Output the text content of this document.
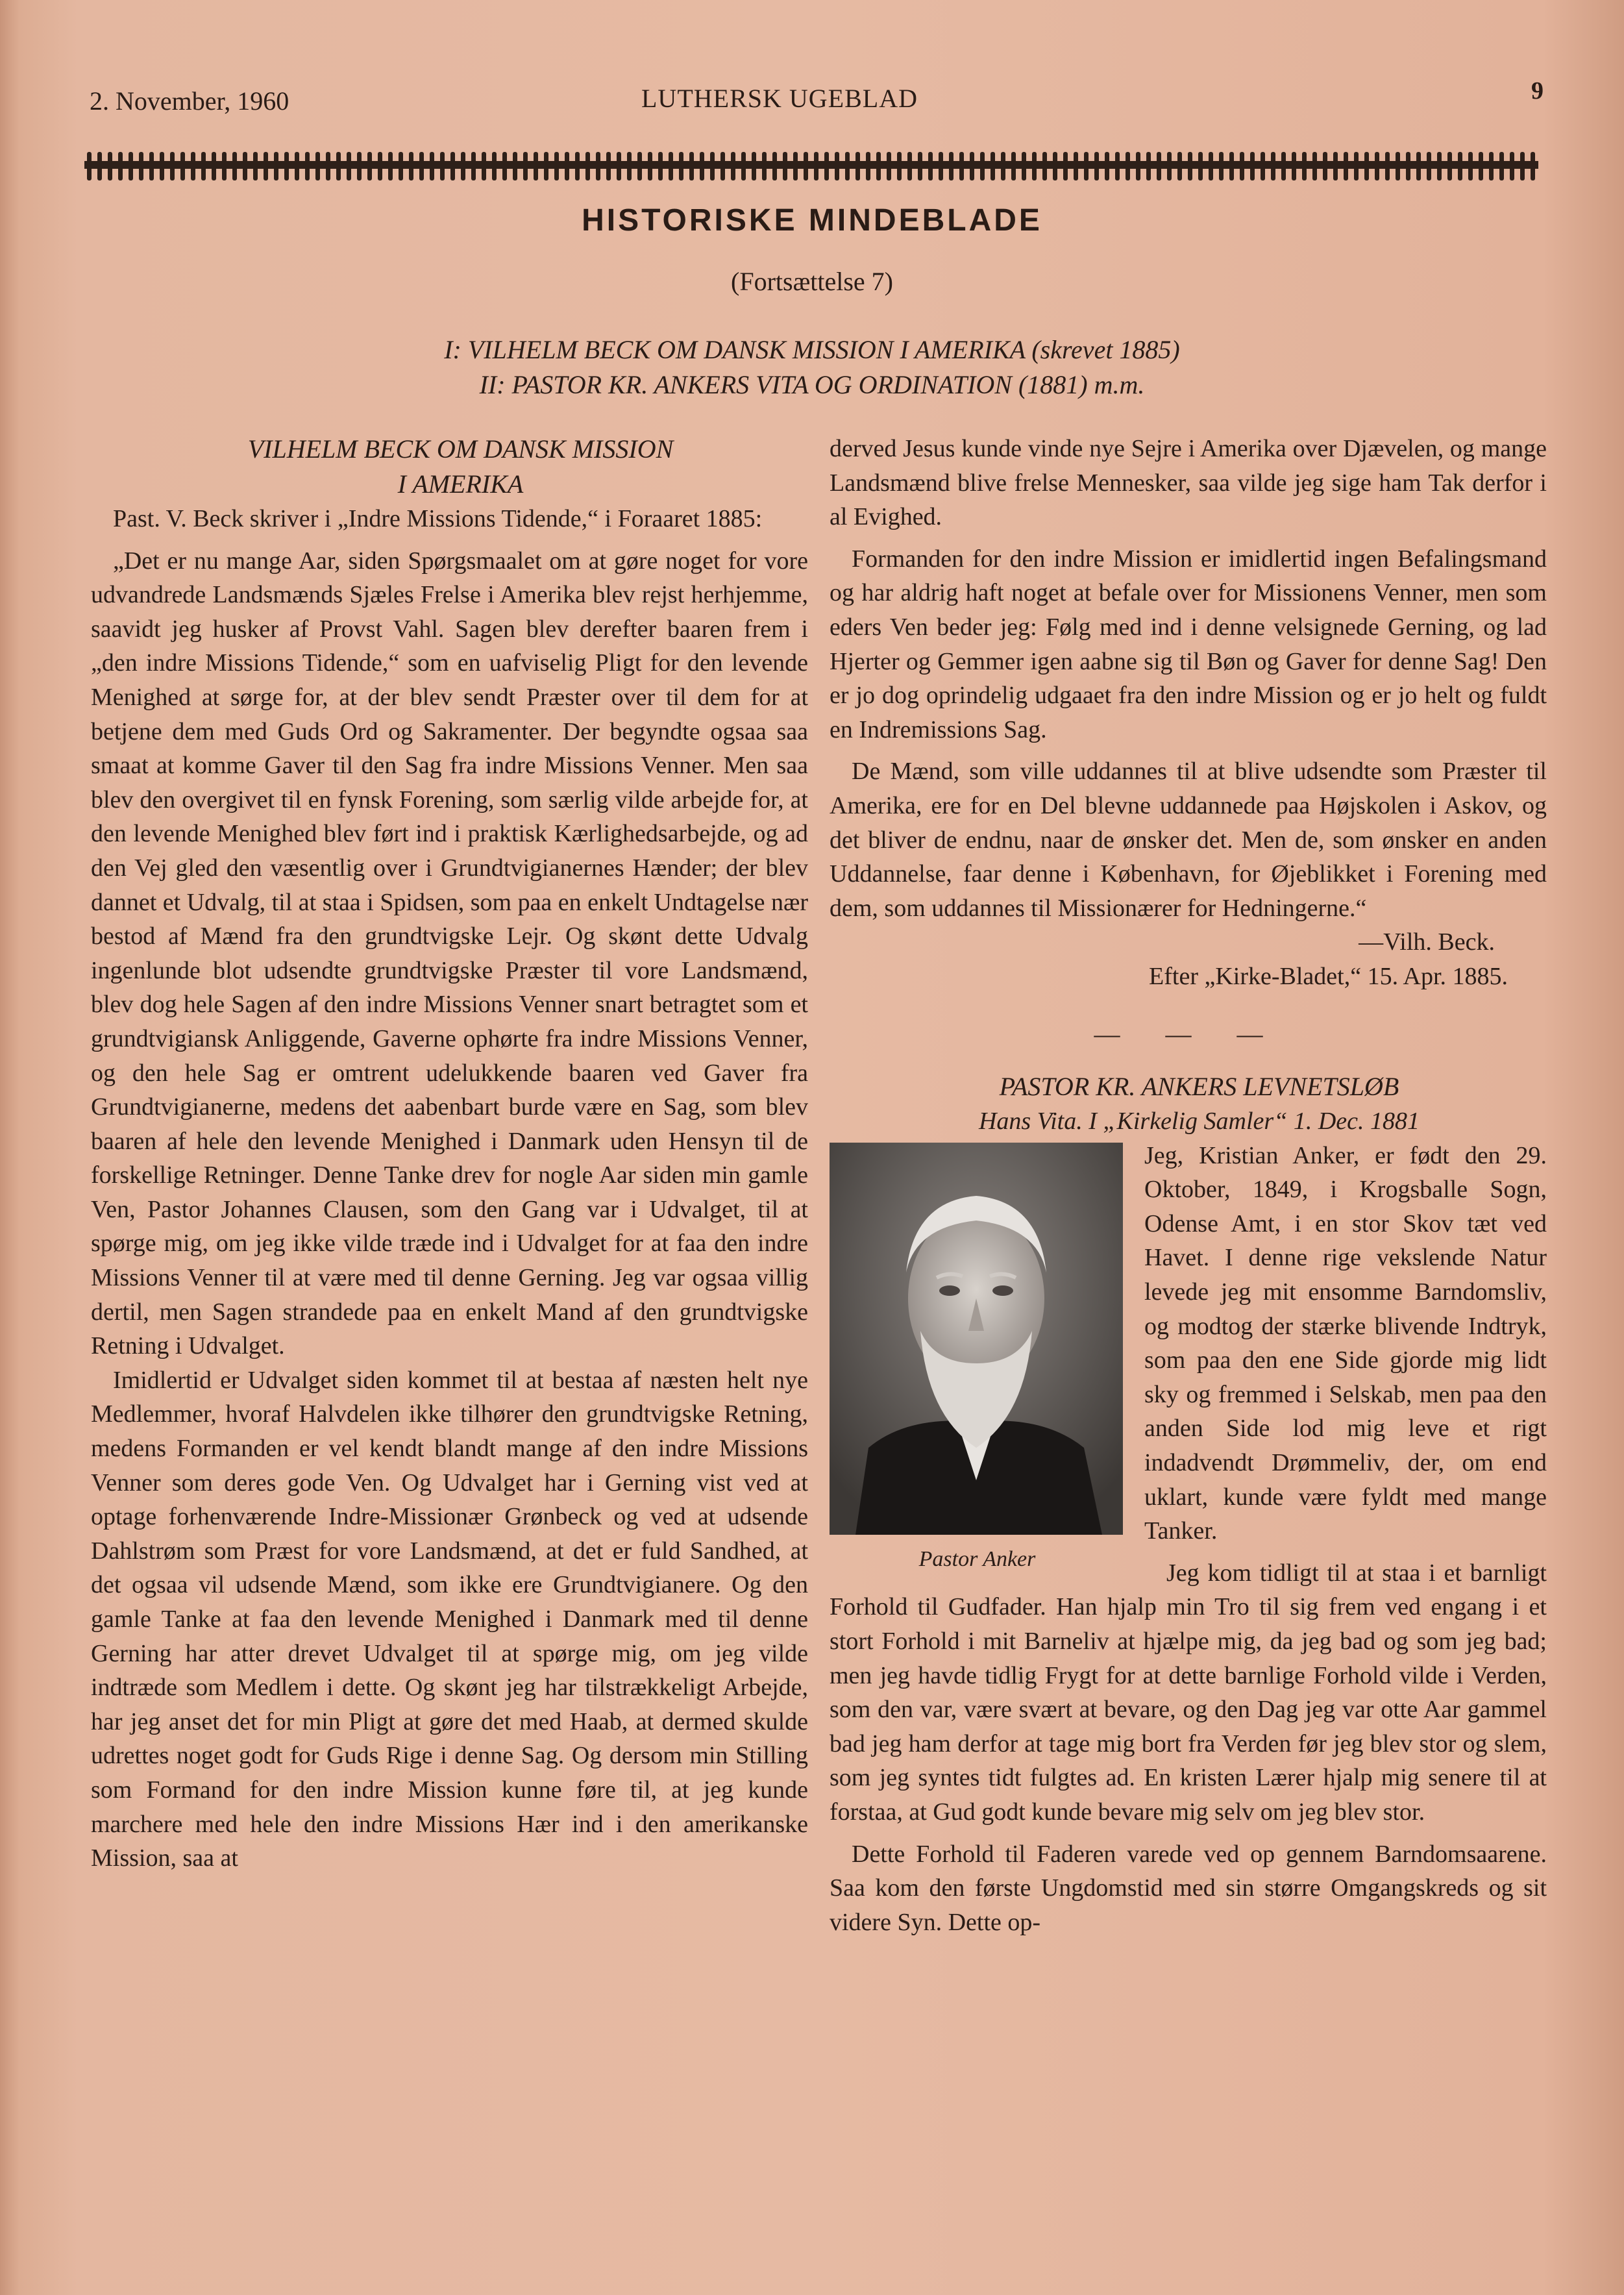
2. November, 1960	LUTHERSK UGEBLAD	9
HISTORISKE MINDEBLADE
(Fortsættelse 7)
I: VILHELM BECK OM DANSK MISSION I AMERIKA (skrevet 1885)
II: PASTOR KR. ANKERS VITA OG ORDINATION (1881) m.m.

VILHELM BECK OM DANSK MISSION

I AMERIKA

Past. V. Beck skriver i „Indre Missions Tidende,“ i Foraaret 1885:

„Det er nu mange Aar, siden Spørgsmaalet om at gøre noget for vore udvandrede Landsmænds Sjæles Frelse i Amerika blev rejst herhjemme, saavidt jeg husker af Provst Vahl. Sagen blev derefter baaren frem i „den indre Missions Tidende,“ som en uafviselig Pligt for den levende Menighed at sørge for, at der blev sendt Præster over til dem for at betjene dem med Guds Ord og Sakramenter. Der begyndte ogsaa saa smaat at komme Gaver til den Sag fra indre Missions Venner. Men saa blev den overgivet til en fynsk Forening, som særlig vilde arbejde for, at den levende Menighed blev ført ind i praktisk Kærlighedsarbejde, og ad den Vej gled den væsentlig over i Grundtvigianernes Hænder; der blev dannet et Udvalg, til at staa i Spidsen, som paa en enkelt Undtagelse nær bestod af Mænd fra den grundtvigske Lejr. Og skønt dette Udvalg ingenlunde blot udsendte grundtvigske Præster til vore Landsmænd, blev dog hele Sagen af den indre Missions Venner snart betragtet som et grundtvigiansk Anliggende, Gaverne ophørte fra indre Missions Venner, og den hele Sag er omtrent udelukkende baaren ved Gaver fra Grundtvigianerne, medens det aabenbart burde være en Sag, som blev baaren af hele den levende Menighed i Danmark uden Hensyn til de forskellige Retninger. Denne Tanke drev for nogle Aar siden min gamle Ven, Pastor Johannes Clausen, som den Gang var i Udvalget, til at spørge mig, om jeg ikke vilde træde ind i Udvalget for at faa den indre Missions Venner til at være med til denne Gerning. Jeg var ogsaa villig dertil, men Sagen strandede paa en enkelt Mand af den grundtvigske Retning i Udvalget.

Imidlertid er Udvalget siden kommet til at bestaa af næsten helt nye Medlemmer, hvoraf Halvdelen ikke tilhører den grundtvigske Retning, medens Formanden er vel kendt blandt mange af den indre Missions Venner som deres gode Ven. Og Udvalget har i Gerning vist ved at optage forhenværende Indre-Missionær Grønbeck og ved at udsende Dahlstrøm som Præst for vore Landsmænd, at det er fuld Sandhed, at det ogsaa vil udsende Mænd, som ikke ere Grundtvigianere. Og den gamle Tanke at faa den levende Menighed i Danmark med til denne Gerning har atter drevet Udvalget til at spørge mig, om jeg vilde indtræde som Medlem i dette. Og skønt jeg har tilstrækkeligt Arbejde, har jeg anset det for min Pligt at gøre det med Haab, at dermed skulde udrettes noget godt for Guds Rige i denne Sag. Og dersom min Stilling som Formand for den indre Mission kunne føre til, at jeg kunde marchere med hele den indre Missions Hær ind i den amerikanske Mission, saa at

derved Jesus kunde vinde nye Sejre i Amerika over Djævelen, og mange Landsmænd blive frelse Mennesker, saa vilde jeg sige ham Tak derfor i al Evighed.

Formanden for den indre Mission er imidlertid ingen Befalingsmand og har aldrig haft noget at befale over for Missionens Venner, men som eders Ven beder jeg: Følg med ind i denne velsignede Gerning, og lad Hjerter og Gemmer igen aabne sig til Bøn og Gaver for denne Sag! Den er jo dog oprindelig udgaaet fra den indre Mission og er jo helt og fuldt en Indremissions Sag.

De Mænd, som ville uddannes til at blive udsendte som Præster til Amerika, ere for en Del blevne uddannede paa Højskolen i Askov, og det bliver de endnu, naar de ønsker det. Men de, som ønsker en anden Uddannelse, faar denne i København, for Øjeblikket i Forening med dem, som uddannes til Missionærer for Hedningerne.“

—Vilh. Beck.

Efter „Kirke-Bladet,“ 15. Apr. 1885.

— — —

PASTOR KR. ANKERS LEVNETSLØB

Hans Vita. I „Kirkelig Samler“ 1. Dec. 1881

Pastor Anker

Jeg, Kristian Anker, er født den 29. Oktober, 1849, i Krogsballe Sogn, Odense Amt, i en stor Skov tæt ved Havet. I denne rige vekslende Natur levede jeg mit ensomme Barndomsliv, og modtog der stærke blivende Indtryk, som paa den ene Side gjorde mig lidt sky og fremmed i Selskab, men paa den anden Side lod mig leve et rigt indadvendt Drømmeliv, der, om end uklart, kunde være fyldt med mange Tanker.

Jeg kom tidligt til at staa i et barnligt Forhold til Gudfader. Han hjalp min Tro til sig frem ved engang i et stort Forhold i mit Barneliv at hjælpe mig, da jeg bad og som jeg bad; men jeg havde tidlig Frygt for at dette barnlige Forhold vilde i Verden, som den var, være svært at bevare, og den Dag jeg var otte Aar gammel bad jeg ham derfor at tage mig bort fra Verden før jeg blev stor og slem, som jeg syntes tidt fulgtes ad. En kristen Lærer hjalp mig senere til at forstaa, at Gud godt kunde bevare mig selv om jeg blev stor.

Dette Forhold til Faderen varede ved op gennem Barndomsaarene. Saa kom den første Ungdomstid med sin større Omgangskreds og sit videre Syn. Dette op-
